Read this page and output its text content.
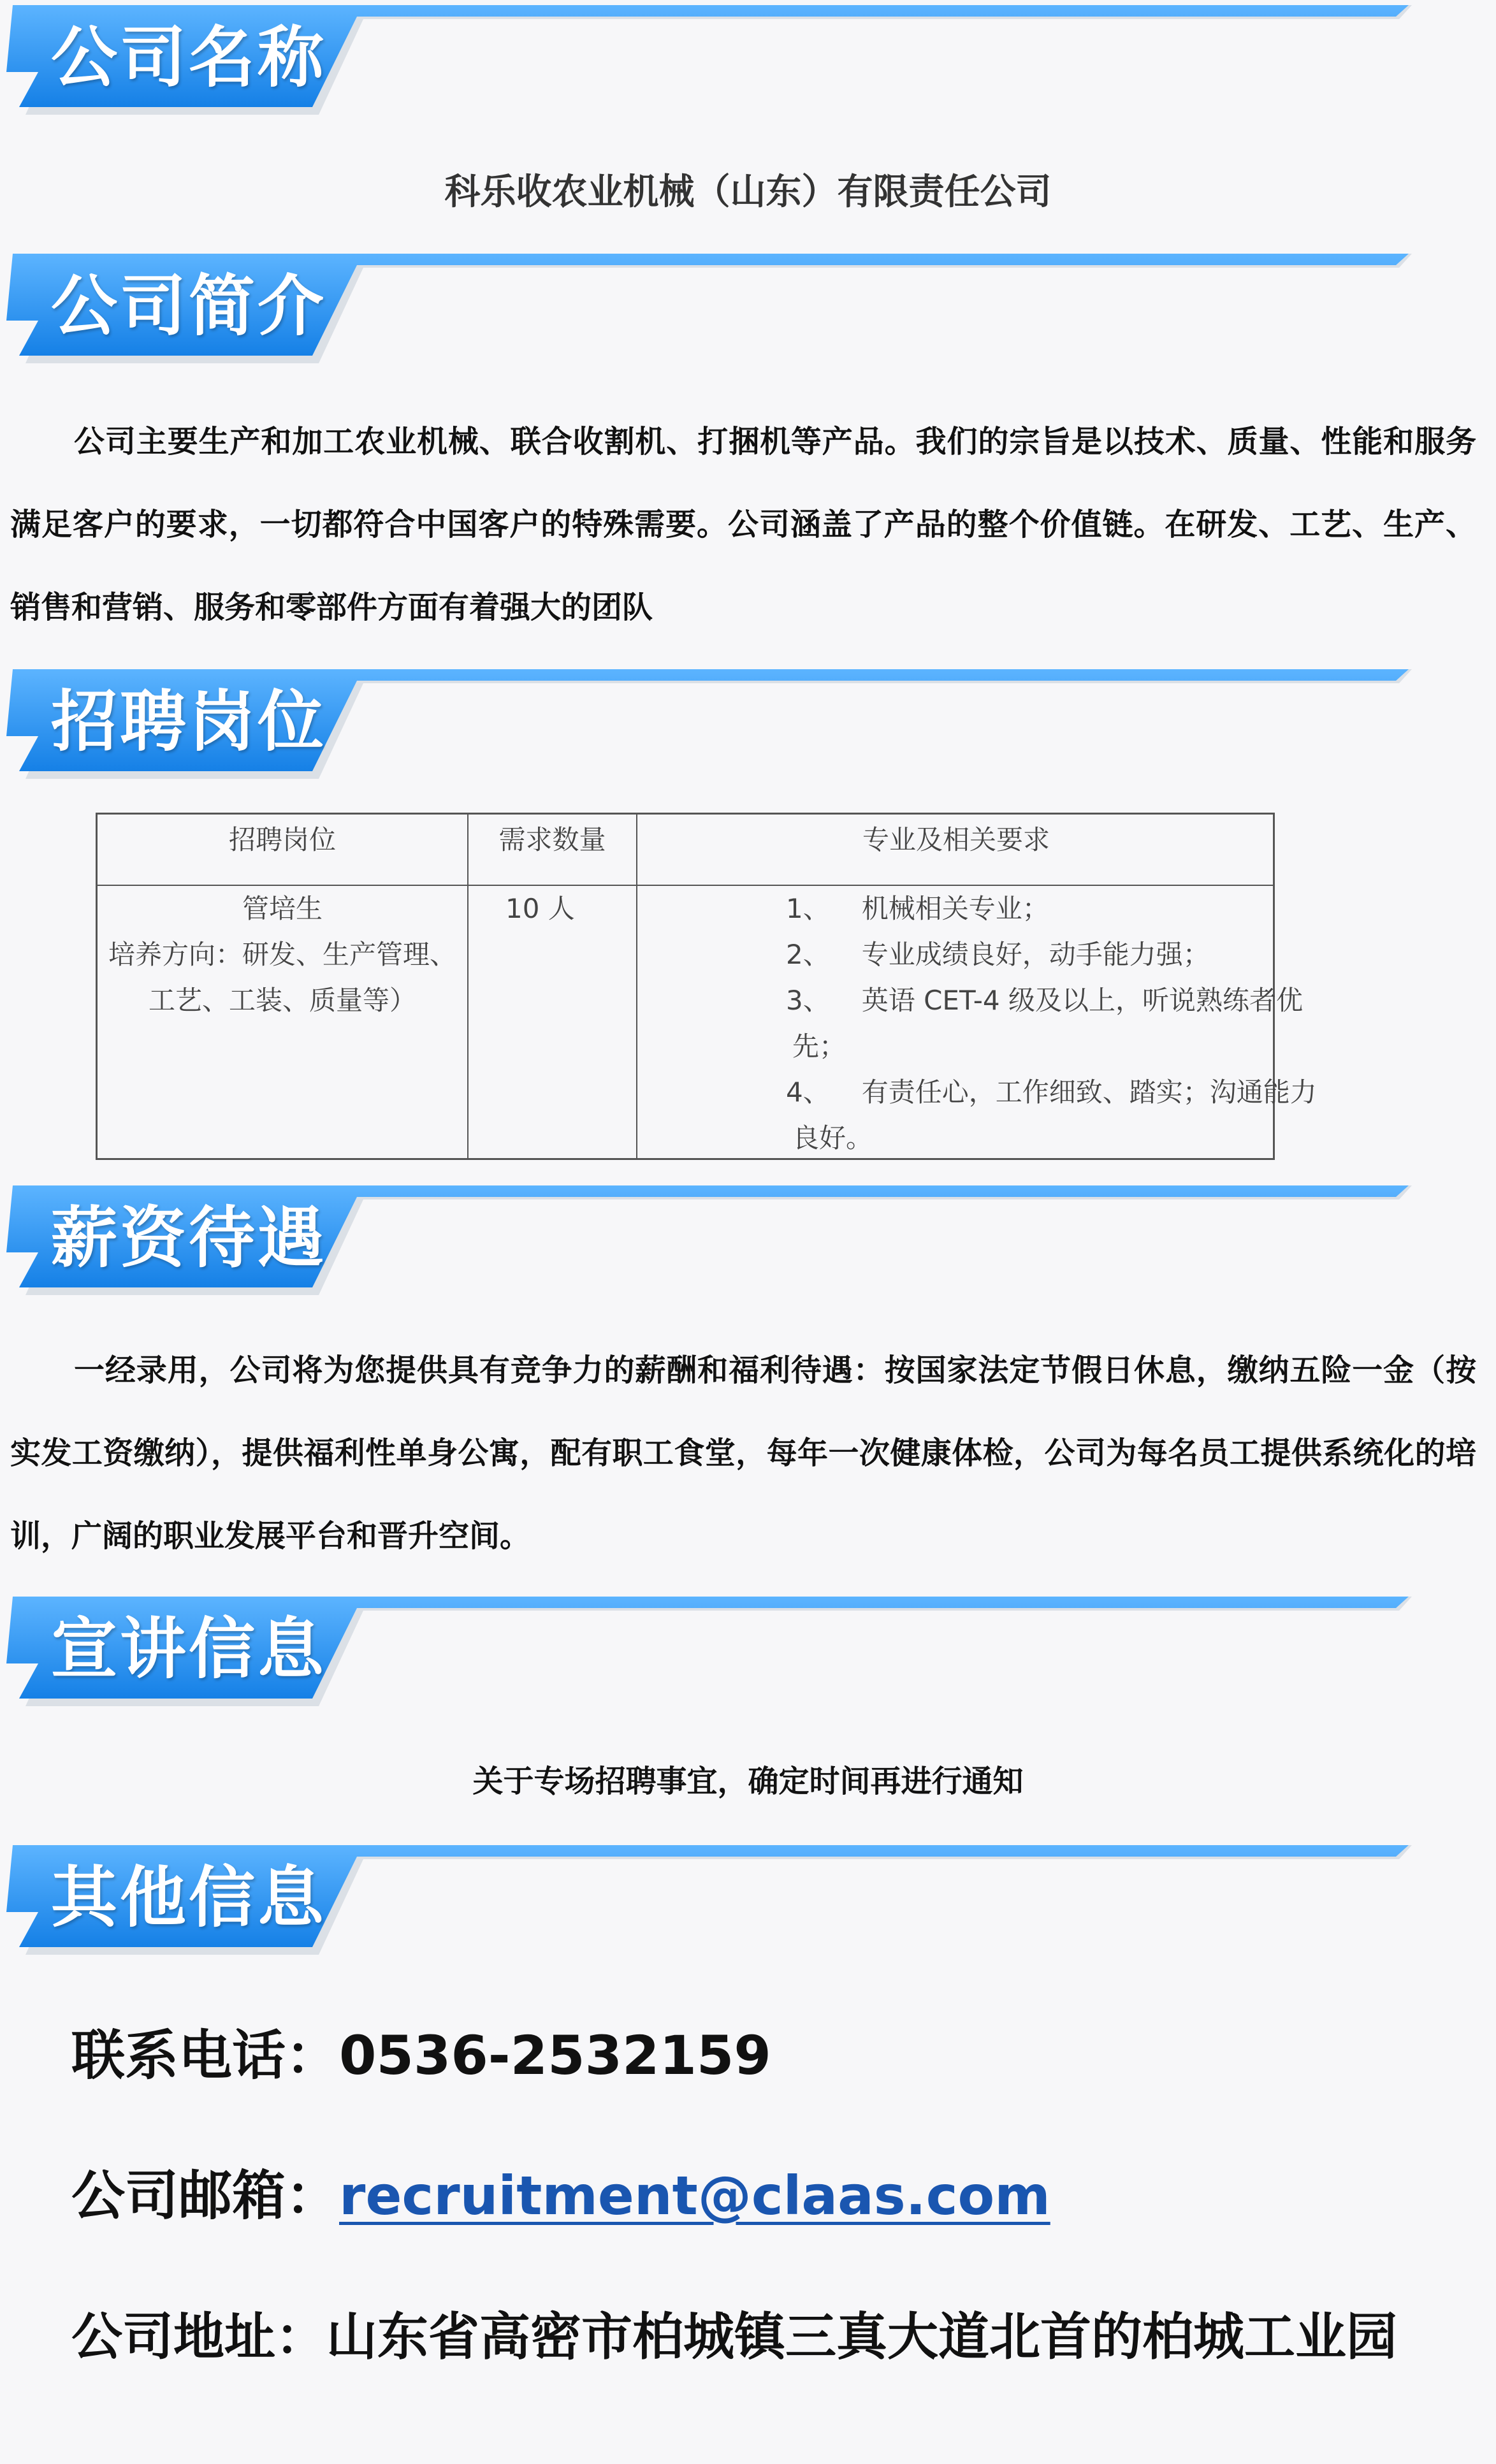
公司名称
科乐收农业机械（山东）有限责任公司
公司简介
公司主要生产和加工农业机械、联合收割机、打捆机等产品。我们的宗旨是以技术、质量、性能和服务满足客户的要求，一切都符合中国客户的特殊需要。公司涵盖了产品的整个价值链。在研发、工艺、生产、销售和营销、服务和零部件方面有着强大的团队
招聘岗位
招聘岗位	需求数量	专业及相关要求
管培生
培养方向：研发、生产管理、
工艺、工装、质量等）
10 人	1、 机械相关专业；
2、 专业成绩良好，动手能力强；
3、 英语 CET-4 级及以上，听说熟练者优
先；
4、 有责任心，工作细致、踏实；沟通能力
良好。
薪资待遇
一经录用，公司将为您提供具有竞争力的薪酬和福利待遇：按国家法定节假日休息，缴纳五险一金（按实发工资缴纳），提供福利性单身公寓，配有职工食堂，每年一次健康体检，公司为每名员工提供系统化的培训，广阔的职业发展平台和晋升空间。
宣讲信息
关于专场招聘事宜，确定时间再进行通知
其他信息
联系电话：0536-2532159
公司邮箱：recruitment@claas.com
公司地址：山东省高密市柏城镇三真大道北首的柏城工业园
